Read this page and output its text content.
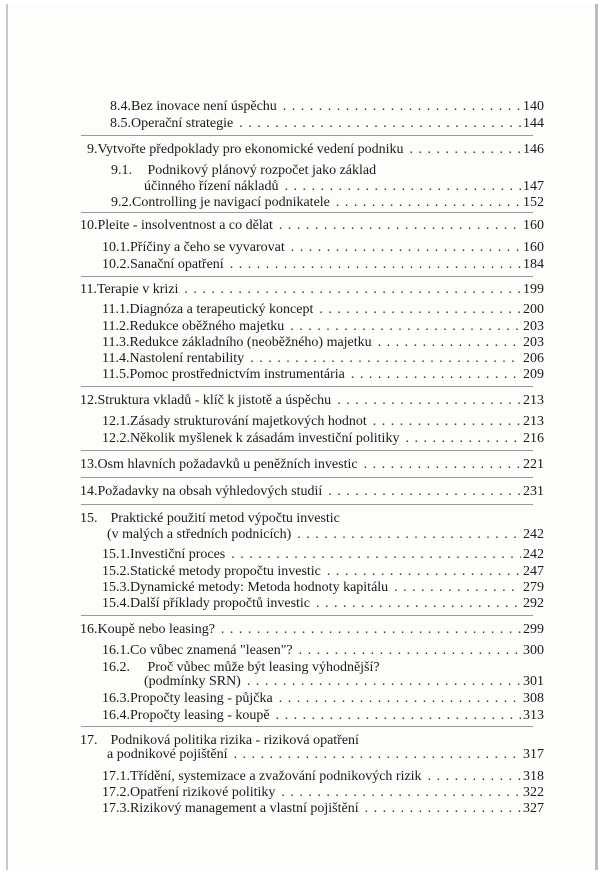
8.4. Bez inovace není úspěchu . . .	140
8.5. Operační strategie . . .	144
9. Vytvořte předpoklady pro ekonomické vedení podniku . . .	146
9.1. Podnikový plánový rozpočet jako základ
účinného řízení nákladů . . .	147
9.2. Controlling je navigací podnikatele . . .	152
10. Pleite - insolventnost a co dělat . . .	160
10.1. Příčiny a čeho se vyvarovat . . .	160
10.2. Sanační opatření . . .	184
11. Terapie v krizi . . .	199
11.1. Diagnóza a terapeutický koncept . . .	200
11.2. Redukce oběžného majetku . . .	203
11.3. Redukce základního (neoběžného) majetku . . .	203
11.4. Nastolení rentability . . .	206
11.5. Pomoc prostřednictvím instrumentária . . .	209
12. Struktura vkladů - klíč k jistotě a úspěchu . . .	213
12.1. Zásady strukturování majetkových hodnot . . .	213
12.2. Několik myšlenek k zásadám investiční politiky . . .	216
13. Osm hlavních požadavků u peněžních investic . . .	221
14. Požadavky na obsah výhledových studií . . .	231
15. Praktické použití metod výpočtu investic
(v malých a středních podnicích) . . .	242
15.1. Investiční proces . . .	242
15.2. Statické metody propočtu investic . . .	247
15.3. Dynamické metody: Metoda hodnoty kapitálu . . .	279
15.4. Další příklady propočtů investic . . .	292
16. Koupě nebo leasing? . . .	299
16.1. Co vůbec znamená "leasen"? . . .	300
16.2. Proč vůbec může být leasing výhodnější?
(podmínky SRN) . . .	301
16.3. Propočty leasing - půjčka . . .	308
16.4. Propočty leasing - koupě . . .	313
17. Podniková politika rizika - riziková opatření
a podnikové pojištění . . .	317
17.1. Třídění, systemizace a zvažování podnikových rizik . . .	318
17.2. Opatření rizikové politiky . . .	322
17.3. Rizikový management a vlastní pojištění . . .	327
